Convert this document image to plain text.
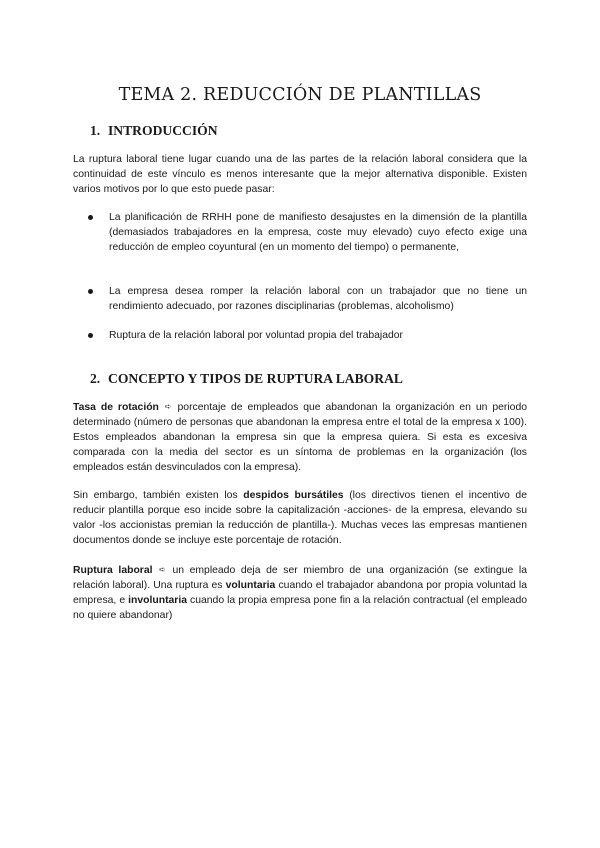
TEMA 2. REDUCCIÓN DE PLANTILLAS
1. INTRODUCCIÓN

La ruptura laboral tiene lugar cuando una de las partes de la relación laboral considera que la continuidad de este vínculo es menos interesante que la mejor alternativa disponible. Existen varios motivos por lo que esto puede pasar:

La planificación de RRHH pone de manifiesto desajustes en la dimensión de la plantilla (demasiados trabajadores en la empresa, coste muy elevado) cuyo efecto exige una reducción de empleo coyuntural (en un momento del tiempo) o permanente,
La empresa desea romper la relación laboral con un trabajador que no tiene un rendimiento adecuado, por razones disciplinarias (problemas, alcoholismo)
Ruptura de la relación laboral por voluntad propia del trabajador
2. CONCEPTO Y TIPOS DE RUPTURA LABORAL

Tasa de rotación ➪ porcentaje de empleados que abandonan la organización en un periodo determinado (número de personas que abandonan la empresa entre el total de la empresa x 100). Estos empleados abandonan la empresa sin que la empresa quiera. Si esta es excesiva comparada con la media del sector es un síntoma de problemas en la organización (los empleados están desvinculados con la empresa).

Sin embargo, también existen los despidos bursátiles (los directivos tienen el incentivo de reducir plantilla porque eso incide sobre la capitalización -acciones- de la empresa, elevando su valor -los accionistas premian la reducción de plantilla-). Muchas veces las empresas mantienen documentos donde se incluye este porcentaje de rotación.

Ruptura laboral ➪ un empleado deja de ser miembro de una organización (se extingue la relación laboral). Una ruptura es voluntaria cuando el trabajador abandona por propia voluntad la empresa, e involuntaria cuando la propia empresa pone fin a la relación contractual (el empleado no quiere abandonar)
